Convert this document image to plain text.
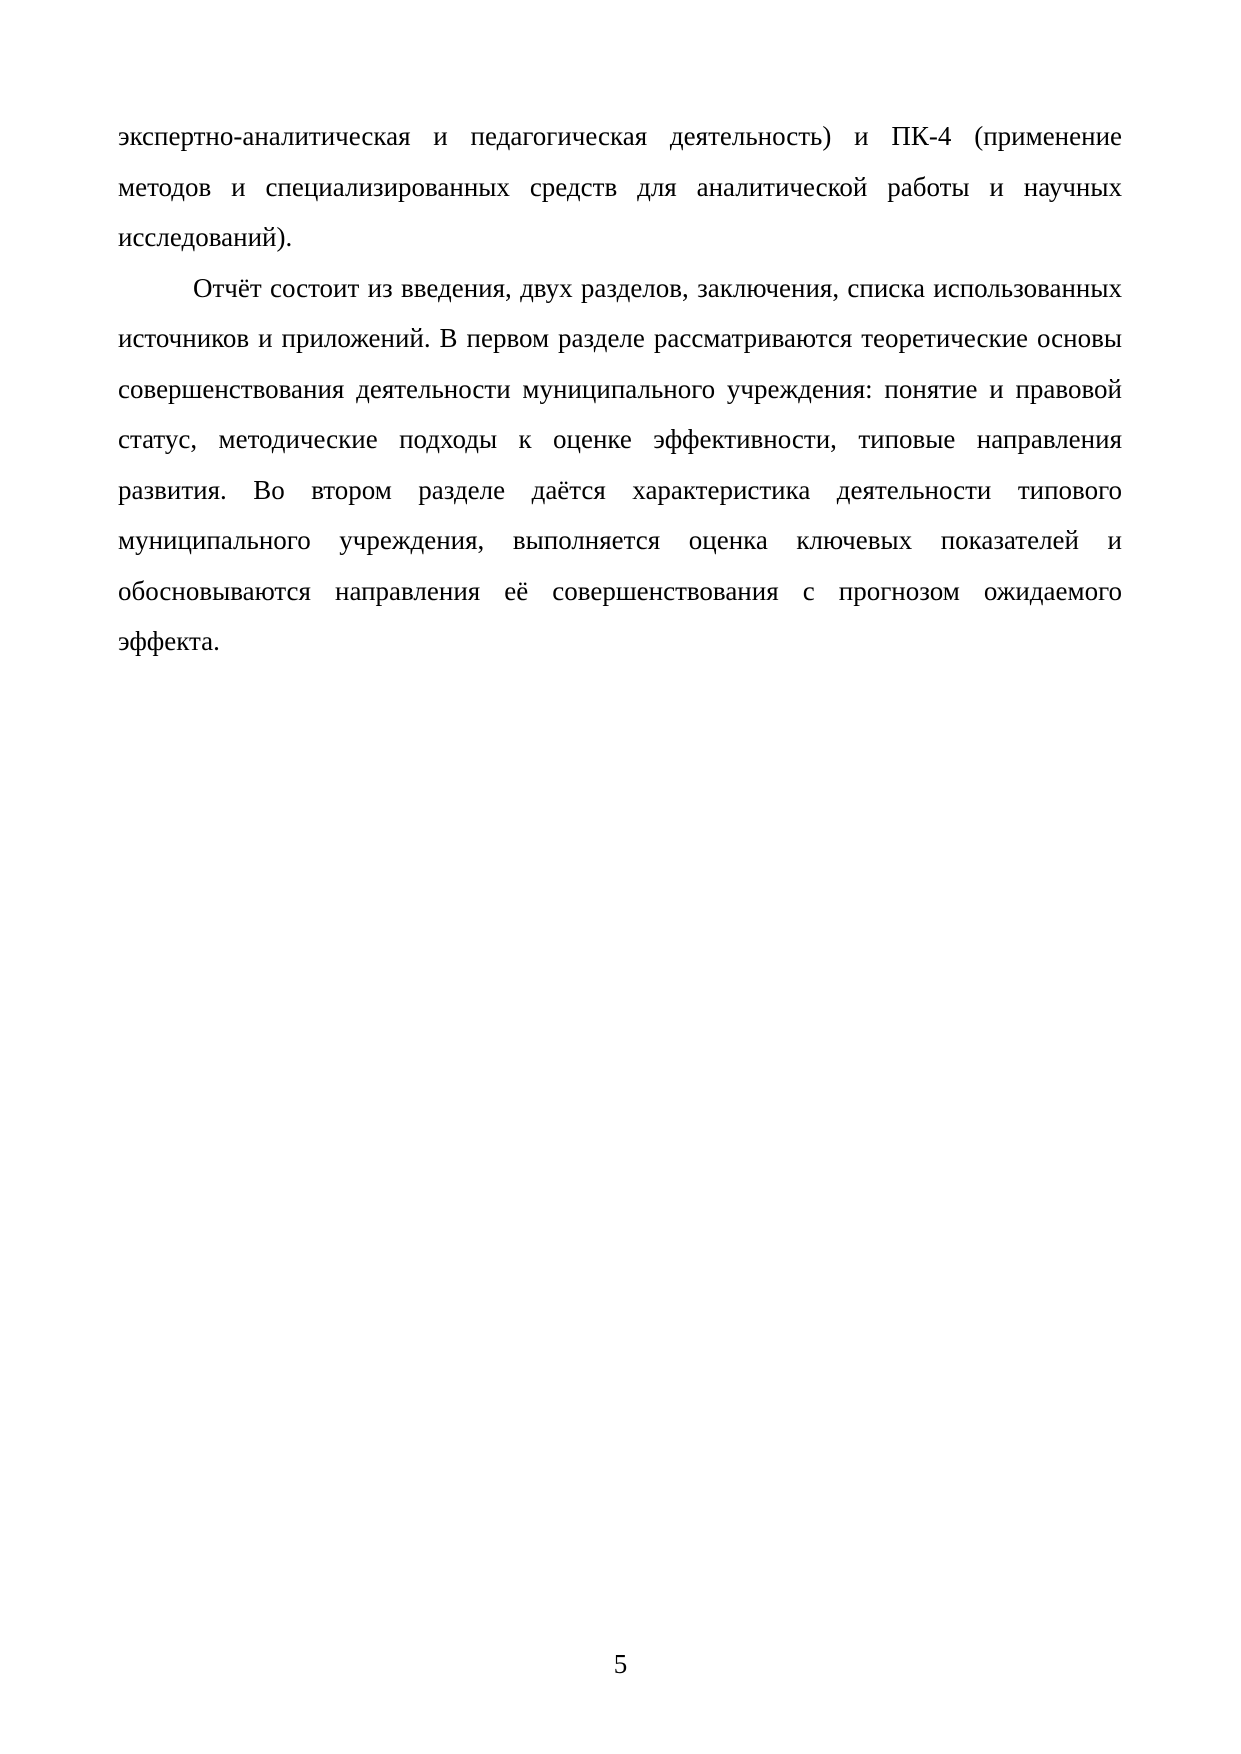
экспертно-аналитическая и педагогическая деятельность) и ПК-4 (применение методов и специализированных средств для аналитической работы и научных исследований).

Отчёт состоит из введения, двух разделов, заключения, списка использованных источников и приложений. В первом разделе рассматриваются теоретические основы совершенствования деятельности муниципального учреждения: понятие и правовой статус, методические подходы к оценке эффективности, типовые направления развития. Во втором разделе даётся характеристика деятельности типового муниципального учреждения, выполняется оценка ключевых показателей и обосновываются направления её совершенствования с прогнозом ожидаемого эффекта.

5
